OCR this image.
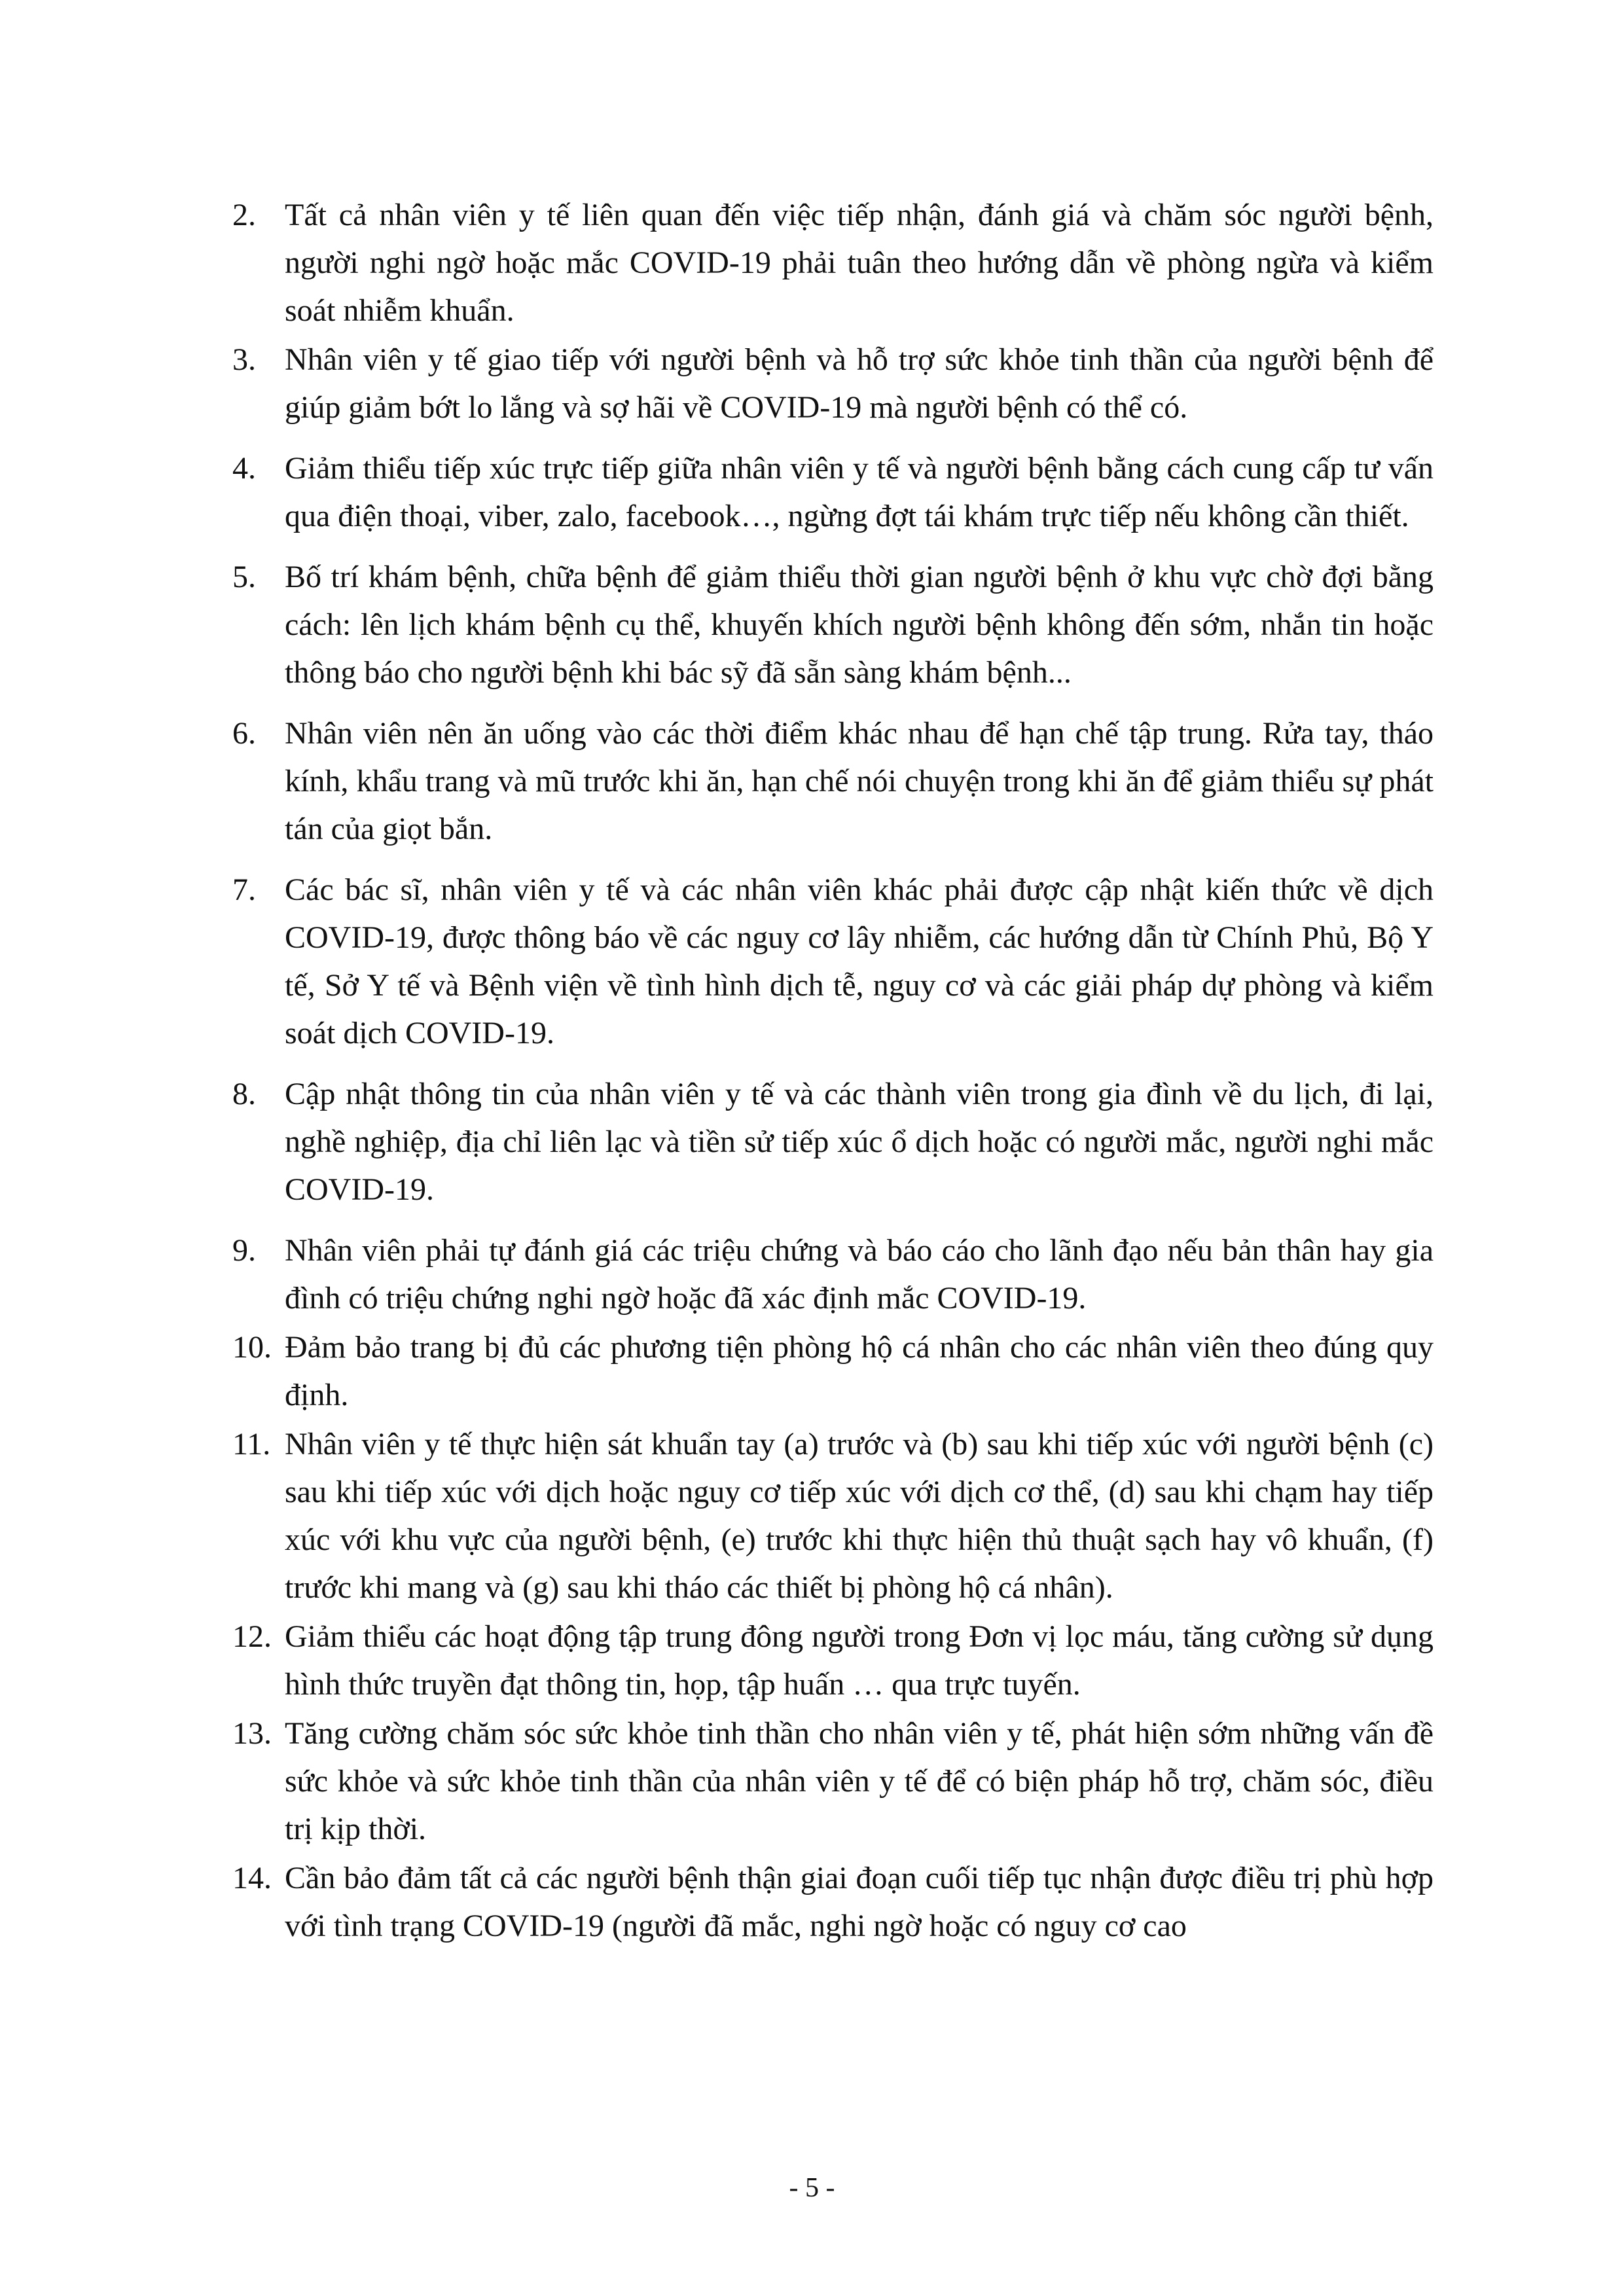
2. Tất cả nhân viên y tế liên quan đến việc tiếp nhận, đánh giá và chăm sóc người bệnh, người nghi ngờ hoặc mắc COVID-19 phải tuân theo hướng dẫn về phòng ngừa và kiểm soát nhiễm khuẩn.
3. Nhân viên y tế giao tiếp với người bệnh và hỗ trợ sức khỏe tinh thần của người bệnh để giúp giảm bớt lo lắng và sợ hãi về COVID-19 mà người bệnh có thể có.
4. Giảm thiểu tiếp xúc trực tiếp giữa nhân viên y tế và người bệnh bằng cách cung cấp tư vấn qua điện thoại, viber, zalo, facebook…, ngừng đợt tái khám trực tiếp nếu không cần thiết.
5. Bố trí khám bệnh, chữa bệnh để giảm thiểu thời gian người bệnh ở khu vực chờ đợi bằng cách: lên lịch khám bệnh cụ thể, khuyến khích người bệnh không đến sớm, nhắn tin hoặc thông báo cho người bệnh khi bác sỹ đã sẵn sàng khám bệnh...
6. Nhân viên nên ăn uống vào các thời điểm khác nhau để hạn chế tập trung. Rửa tay, tháo kính, khẩu trang và mũ trước khi ăn, hạn chế nói chuyện trong khi ăn để giảm thiểu sự phát tán của giọt bắn.
7. Các bác sĩ, nhân viên y tế và các nhân viên khác phải được cập nhật kiến thức về dịch COVID-19, được thông báo về các nguy cơ lây nhiễm, các hướng dẫn từ Chính Phủ, Bộ Y tế, Sở Y tế và Bệnh viện về tình hình dịch tễ, nguy cơ và các giải pháp dự phòng và kiểm soát dịch COVID-19.
8. Cập nhật thông tin của nhân viên y tế và các thành viên trong gia đình về du lịch, đi lại, nghề nghiệp, địa chỉ liên lạc và tiền sử tiếp xúc ổ dịch hoặc có người mắc, người nghi mắc COVID-19.
9. Nhân viên phải tự đánh giá các triệu chứng và báo cáo cho lãnh đạo nếu bản thân hay gia đình có triệu chứng nghi ngờ hoặc đã xác định mắc COVID-19.
10. Đảm bảo trang bị đủ các phương tiện phòng hộ cá nhân cho các nhân viên theo đúng quy định.
11. Nhân viên y tế thực hiện sát khuẩn tay (a) trước và (b) sau khi tiếp xúc với người bệnh (c) sau khi tiếp xúc với dịch hoặc nguy cơ tiếp xúc với dịch cơ thể, (d) sau khi chạm hay tiếp xúc với khu vực của người bệnh, (e) trước khi thực hiện thủ thuật sạch hay vô khuẩn, (f) trước khi mang và (g) sau khi tháo các thiết bị phòng hộ cá nhân).
12. Giảm thiểu các hoạt động tập trung đông người trong Đơn vị lọc máu, tăng cường sử dụng hình thức truyền đạt thông tin, họp, tập huấn … qua trực tuyến.
13. Tăng cường chăm sóc sức khỏe tinh thần cho nhân viên y tế, phát hiện sớm những vấn đề sức khỏe và sức khỏe tinh thần của nhân viên y tế để có biện pháp hỗ trợ, chăm sóc, điều trị kịp thời.
14. Cần bảo đảm tất cả các người bệnh thận giai đoạn cuối tiếp tục nhận được điều trị phù hợp với tình trạng COVID-19 (người đã mắc, nghi ngờ hoặc có nguy cơ cao
- 5 -
